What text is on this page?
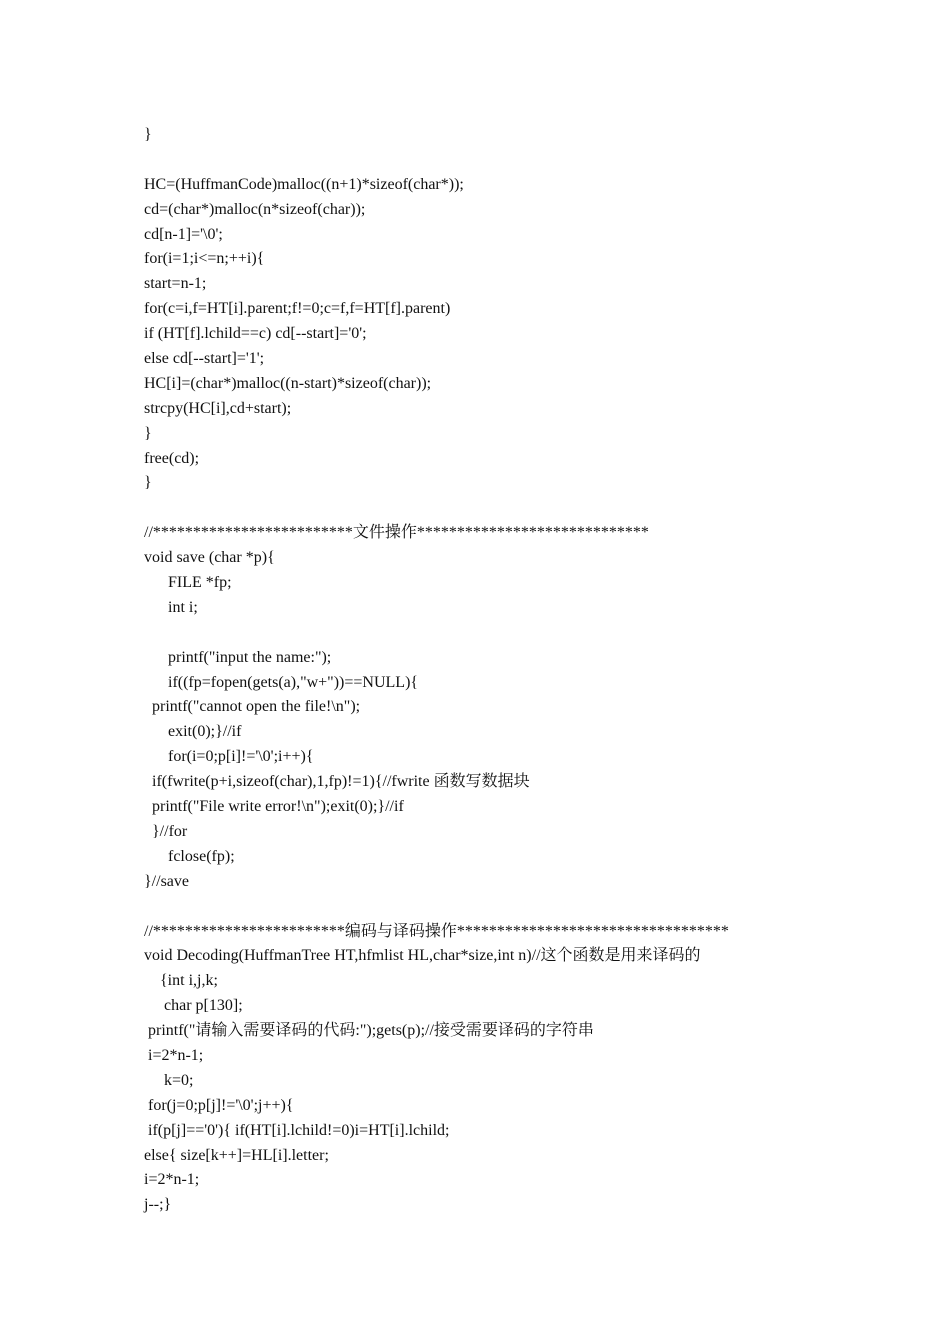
}
HC=(HuffmanCode)malloc((n+1)*sizeof(char*));
cd=(char*)malloc(n*sizeof(char));
cd[n-1]='\0';
for(i=1;i<=n;++i){
start=n-1;
for(c=i,f=HT[i].parent;f!=0;c=f,f=HT[f].parent)
if (HT[f].lchild==c) cd[--start]='0';
else cd[--start]='1';
HC[i]=(char*)malloc((n-start)*sizeof(char));
strcpy(HC[i],cd+start);
}
free(cd);
}
//*************************文件操作*****************************
void save (char *p){
FILE *fp;
int i;
printf("input the name:");
if((fp=fopen(gets(a),"w+"))==NULL){
printf("cannot open the file!\n");
exit(0);}//if
for(i=0;p[i]!='\0';i++){
if(fwrite(p+i,sizeof(char),1,fp)!=1){//fwrite 函数写数据块
printf("File write error!\n");exit(0);}//if
}//for
fclose(fp);
}//save
//************************编码与译码操作**********************************
void Decoding(HuffmanTree HT,hfmlist HL,char*size,int n)//这个函数是用来译码的
{int i,j,k;
char p[130];
printf("请输入需要译码的代码:");gets(p);//接受需要译码的字符串
i=2*n-1;
k=0;
for(j=0;p[j]!='\0';j++){
if(p[j]=='0'){ if(HT[i].lchild!=0)i=HT[i].lchild;
else{ size[k++]=HL[i].letter;
i=2*n-1;
j--;}
